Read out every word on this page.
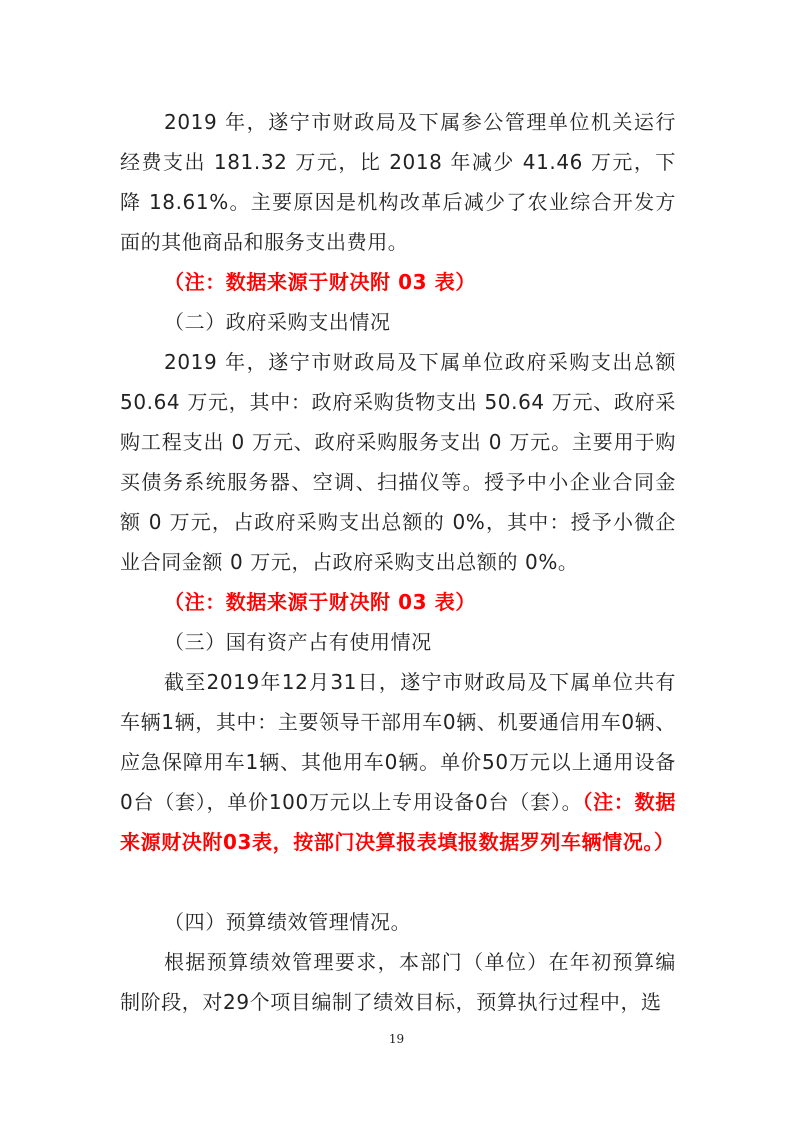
2019 年，遂宁市财政局及下属参公管理单位机关运行经费支出 181.32 万元，比 2018 年减少 41.46 万元，下降 18.61%。主要原因是机构改革后减少了农业综合开发方面的其他商品和服务支出费用。

（注：数据来源于财决附 03 表）

（二）政府采购支出情况

2019 年，遂宁市财政局及下属单位政府采购支出总额 50.64 万元，其中：政府采购货物支出 50.64 万元、政府采购工程支出 0 万元、政府采购服务支出 0 万元。主要用于购买债务系统服务器、空调、扫描仪等。授予中小企业合同金额 0 万元，占政府采购支出总额的 0%，其中：授予小微企业合同金额 0 万元，占政府采购支出总额的 0%。

（注：数据来源于财决附 03 表）

（三）国有资产占有使用情况

截至2019年12月31日，遂宁市财政局及下属单位共有车辆1辆，其中：主要领导干部用车0辆、机要通信用车0辆、应急保障用车1辆、其他用车0辆。单价50万元以上通用设备0台（套），单价100万元以上专用设备0台（套）。（注：数据来源财决附03表，按部门决算报表填报数据罗列车辆情况。）

（四）预算绩效管理情况。

根据预算绩效管理要求，本部门（单位）在年初预算编制阶段，对29个项目编制了绩效目标，预算执行过程中，选

19
